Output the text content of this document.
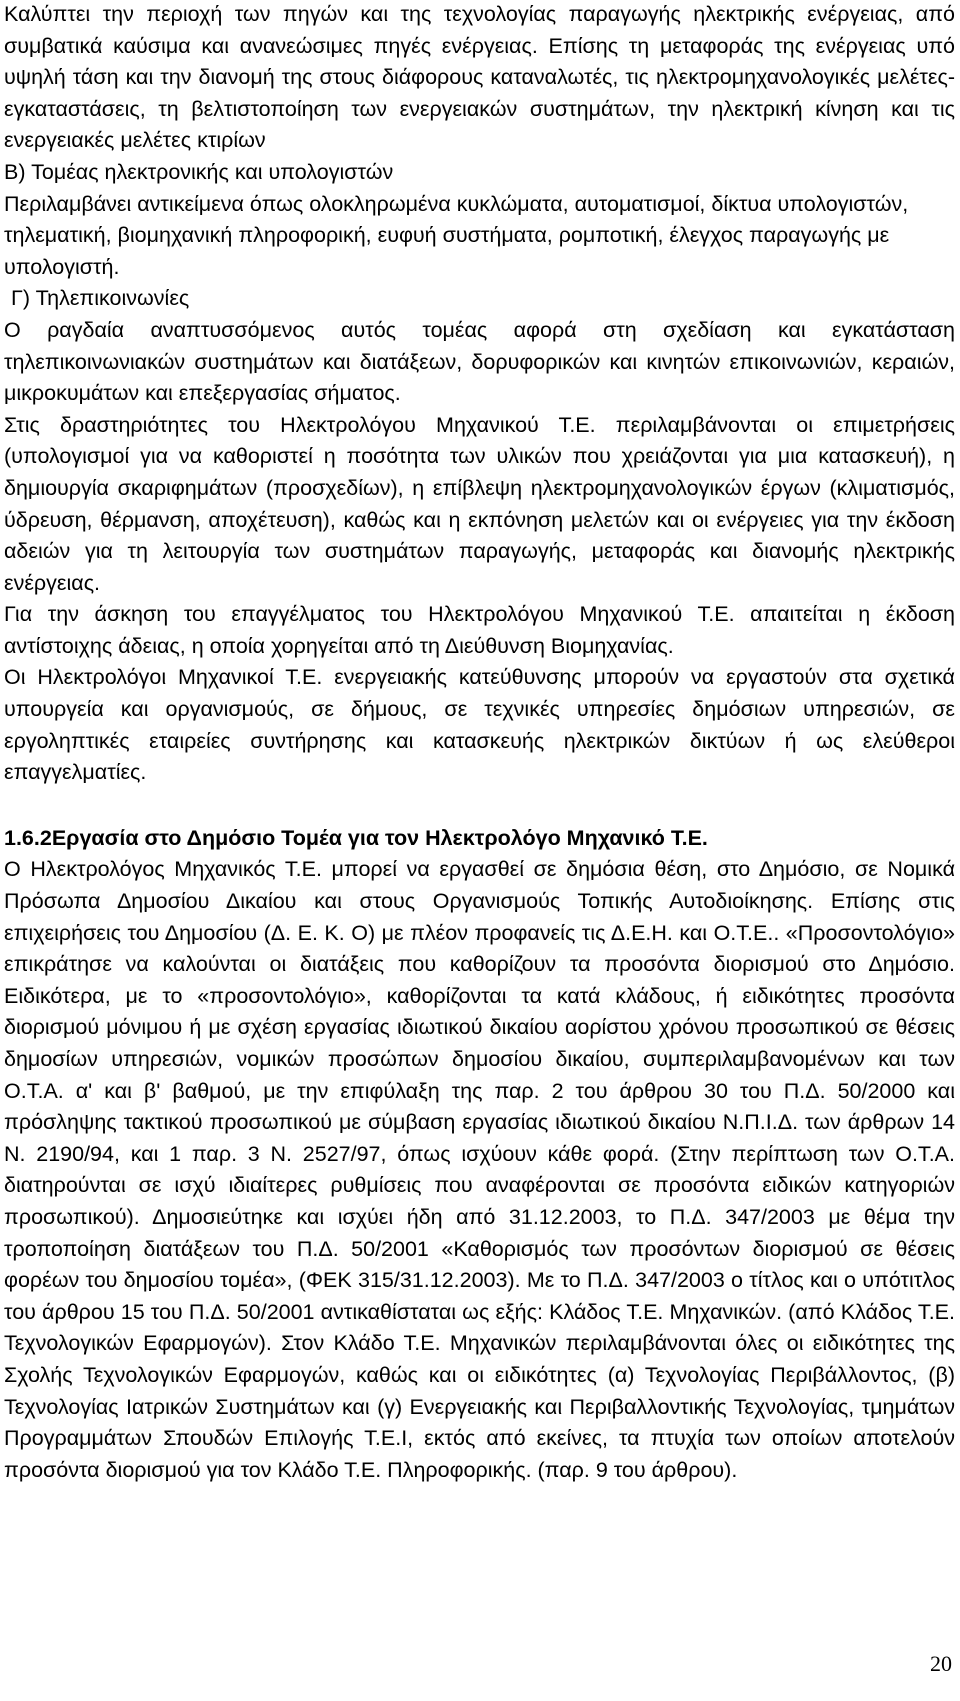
Καλύπτει την περιοχή των πηγών και της τεχνολογίας παραγωγής ηλεκτρικής ενέργειας, από συμβατικά καύσιμα και ανανεώσιμες πηγές ενέργειας. Επίσης τη μεταφοράς της ενέργειας υπό υψηλή τάση και την διανομή της στους διάφορους καταναλωτές, τις ηλεκτρομηχανολογικές μελέτες-εγκαταστάσεις, τη βελτιστοποίηση των ενεργειακών συστημάτων, την ηλεκτρική κίνηση και τις ενεργειακές μελέτες κτιρίων

Β) Τομέας ηλεκτρονικής και υπολογιστών

Περιλαμβάνει αντικείμενα όπως ολοκληρωμένα κυκλώματα, αυτοματισμοί, δίκτυα υπολογιστών, τηλεματική, βιομηχανική πληροφορική, ευφυή συστήματα, ρομποτική, έλεγχος παραγωγής με υπολογιστή.

Γ) Τηλεπικοινωνίες

Ο ραγδαία αναπτυσσόμενος αυτός τομέας αφορά στη σχεδίαση και εγκατάσταση τηλεπικοινωνιακών συστημάτων και διατάξεων, δορυφορικών και κινητών επικοινωνιών, κεραιών, μικροκυμάτων και επεξεργασίας σήματος.

Στις δραστηριότητες του Ηλεκτρολόγου Μηχανικού Τ.Ε. περιλαμβάνονται οι επιμετρήσεις (υπολογισμοί για να καθοριστεί η ποσότητα των υλικών που χρειάζονται για μια κατασκευή), η δημιουργία σκαριφημάτων (προσχεδίων), η επίβλεψη ηλεκτρομηχανολογικών έργων (κλιματισμός, ύδρευση, θέρμανση, αποχέτευση), καθώς και η εκπόνηση μελετών και οι ενέργειες για την έκδοση αδειών για τη λειτουργία των συστημάτων παραγωγής, μεταφοράς και διανομής ηλεκτρικής ενέργειας.

Για την άσκηση του επαγγέλματος του Ηλεκτρολόγου Μηχανικού Τ.Ε. απαιτείται η έκδοση αντίστοιχης άδειας, η οποία χορηγείται από τη Διεύθυνση Βιομηχανίας.

Οι Ηλεκτρολόγοι Μηχανικοί Τ.Ε. ενεργειακής κατεύθυνσης μπορούν να εργαστούν στα σχετικά υπουργεία και οργανισμούς, σε δήμους, σε τεχνικές υπηρεσίες δημόσιων υπηρεσιών, σε εργοληπτικές εταιρείες συντήρησης και κατασκευής ηλεκτρικών δικτύων ή ως ελεύθεροι επαγγελματίες.

1.6.2Εργασία στο Δημόσιο Τομέα για τον Ηλεκτρολόγο Μηχανικό Τ.Ε.

Ο Ηλεκτρολόγος Μηχανικός Τ.Ε. μπορεί να εργασθεί σε δημόσια θέση, στο Δημόσιο, σε Νομικά Πρόσωπα Δημοσίου Δικαίου και στους Οργανισμούς Τοπικής Αυτοδιοίκησης. Επίσης στις επιχειρήσεις του Δημοσίου (Δ. Ε. Κ. Ο) με πλέον προφανείς τις Δ.Ε.Η. και Ο.Τ.Ε.. «Προσοντολόγιο» επικράτησε να καλούνται οι διατάξεις που καθορίζουν τα προσόντα διορισμού στο Δημόσιο. Ειδικότερα, με το «προσοντολόγιο», καθορίζονται τα κατά κλάδους, ή ειδικότητες προσόντα διορισμού μόνιμου ή με σχέση εργασίας ιδιωτικού δικαίου αορίστου χρόνου προσωπικού σε θέσεις δημοσίων υπηρεσιών, νομικών προσώπων δημοσίου δικαίου, συμπεριλαμβανομένων και των Ο.Τ.Α. α' και β' βαθμού, με την επιφύλαξη της παρ. 2 του άρθρου 30 του Π.Δ. 50/2000 και πρόσληψης τακτικού προσωπικού με σύμβαση εργασίας ιδιωτικού δικαίου Ν.Π.Ι.Δ. των άρθρων 14 Ν. 2190/94, και 1 παρ. 3 Ν. 2527/97, όπως ισχύουν κάθε φορά. (Στην περίπτωση των Ο.Τ.Α. διατηρούνται σε ισχύ ιδιαίτερες ρυθμίσεις που αναφέρονται σε προσόντα ειδικών κατηγοριών προσωπικού). Δημοσιεύτηκε και ισχύει ήδη από 31.12.2003, το Π.Δ. 347/2003 με θέμα την τροποποίηση διατάξεων του Π.Δ. 50/2001 «Καθορισμός των προσόντων διορισμού σε θέσεις φορέων του δημοσίου τομέα», (ΦΕΚ 315/31.12.2003). Με το Π.Δ. 347/2003 ο τίτλος και ο υπότιτλος του άρθρου 15 του Π.Δ. 50/2001 αντικαθίσταται ως εξής: Κλάδος Τ.Ε. Μηχανικών. (από Κλάδος Τ.Ε. Τεχνολογικών Εφαρμογών). Στον Κλάδο Τ.Ε. Μηχανικών περιλαμβάνονται όλες οι ειδικότητες της Σχολής Τεχνολογικών Εφαρμογών, καθώς και οι ειδικότητες (α) Τεχνολογίας Περιβάλλοντος, (β) Τεχνολογίας Ιατρικών Συστημάτων και (γ) Ενεργειακής και Περιβαλλοντικής Τεχνολογίας, τμημάτων Προγραμμάτων Σπουδών Επιλογής Τ.Ε.Ι, εκτός από εκείνες, τα πτυχία των οποίων αποτελούν προσόντα διορισμού για τον Κλάδο Τ.Ε. Πληροφορικής. (παρ. 9 του άρθρου).

20
